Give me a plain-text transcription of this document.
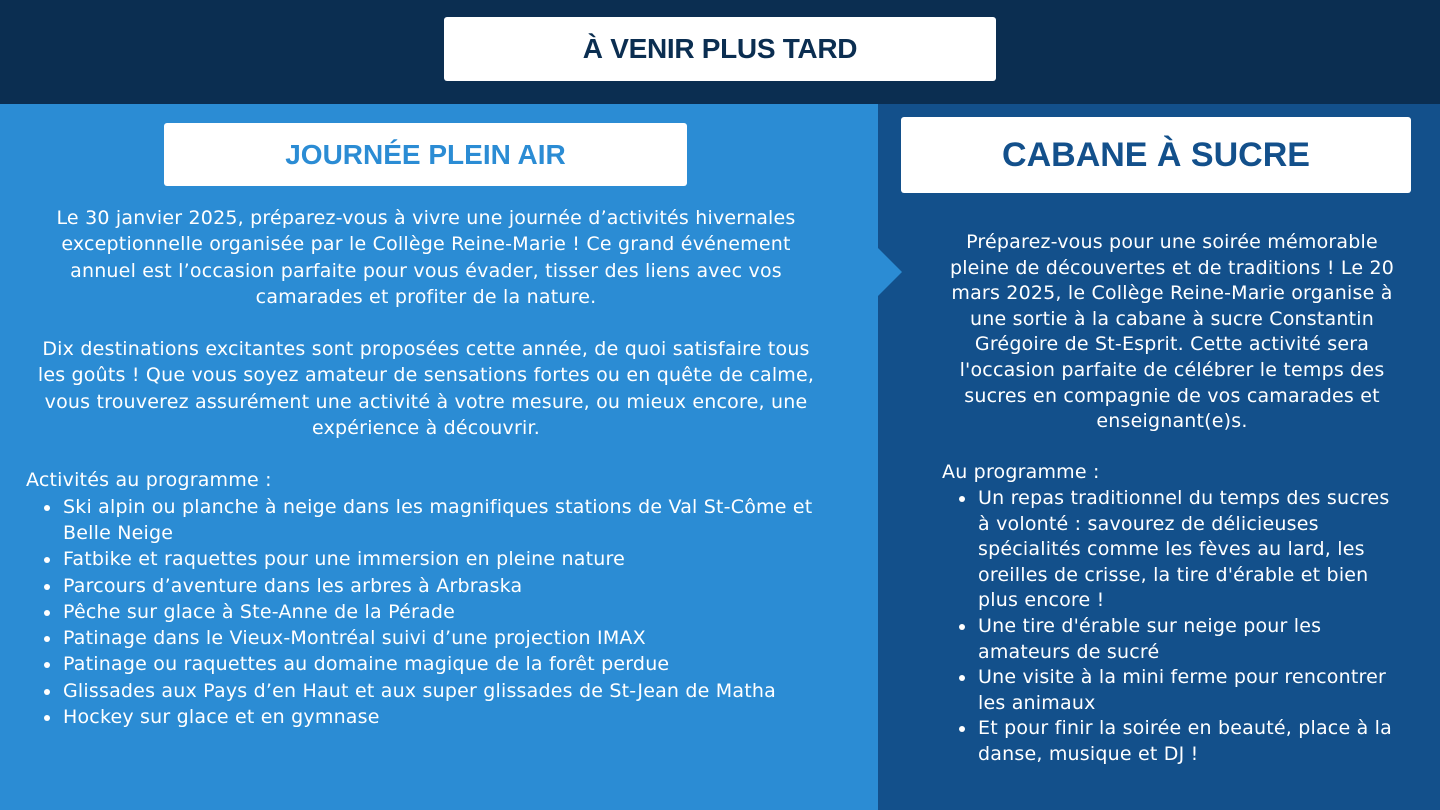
À VENIR PLUS TARD
JOURNÉE PLEIN AIR	CABANE À SUCRE

Le 30 janvier 2025, préparez-vous à vivre une journée d’activités hivernales exceptionnelle organisée par le Collège Reine-Marie ! Ce grand événement annuel est l’occasion parfaite pour vous évader, tisser des liens avec vos camarades et profiter de la nature.

Dix destinations excitantes sont proposées cette année, de quoi satisfaire tous les goûts ! Que vous soyez amateur de sensations fortes ou en quête de calme, vous trouverez assurément une activité à votre mesure, ou mieux encore, une expérience à découvrir.

Activités au programme :

• Ski alpin ou planche à neige dans les magnifiques stations de Val St-Côme et Belle Neige
• Fatbike et raquettes pour une immersion en pleine nature
• Parcours d’aventure dans les arbres à Arbraska
• Pêche sur glace à Ste-Anne de la Pérade
• Patinage dans le Vieux-Montréal suivi d’une projection IMAX
• Patinage ou raquettes au domaine magique de la forêt perdue
• Glissades aux Pays d’en Haut et aux super glissades de St-Jean de Matha
• Hockey sur glace et en gymnase

Préparez-vous pour une soirée mémorable pleine de découvertes et de traditions ! Le 20 mars 2025, le Collège Reine-Marie organise à une sortie à la cabane à sucre Constantin Grégoire de St-Esprit. Cette activité sera l'occasion parfaite de célébrer le temps des sucres en compagnie de vos camarades et enseignant(e)s.

Au programme :

• Un repas traditionnel du temps des sucres à volonté : savourez de délicieuses spécialités comme les fèves au lard, les oreilles de crisse, la tire d'érable et bien plus encore !
• Une tire d'érable sur neige pour les amateurs de sucré
• Une visite à la mini ferme pour rencontrer les animaux
• Et pour finir la soirée en beauté, place à la danse, musique et DJ !
